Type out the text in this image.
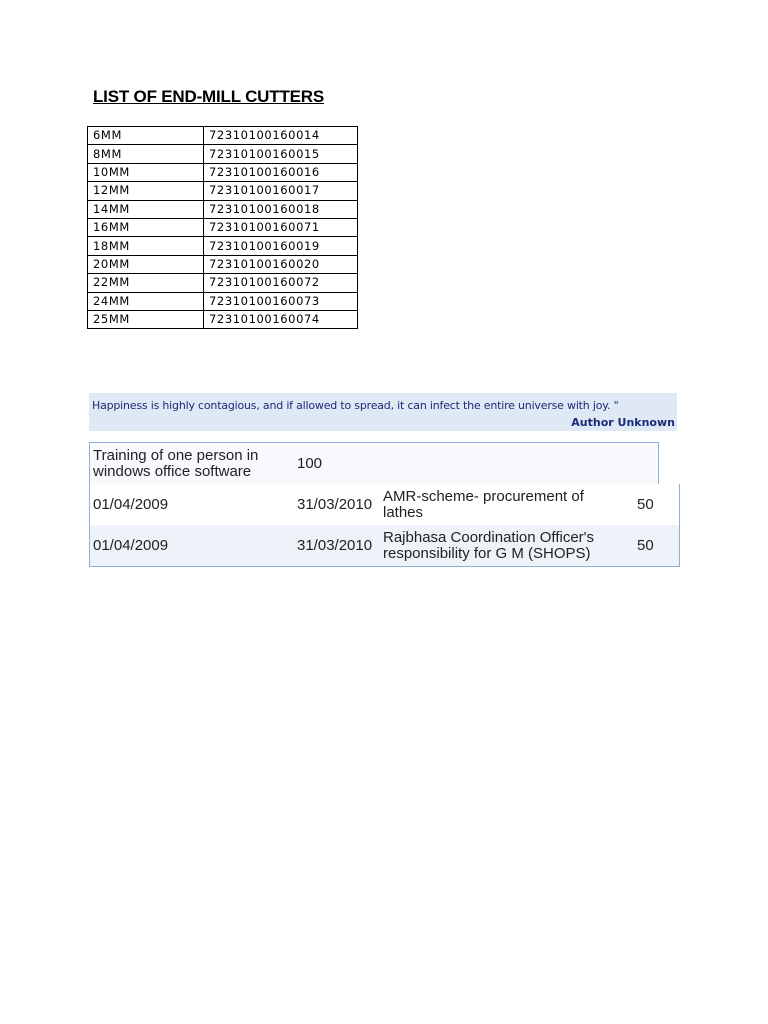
LIST OF END-MILL CUTTERS
6MM	72310100160014
8MM	72310100160015
10MM	72310100160016
12MM	72310100160017
14MM	72310100160018
16MM	72310100160071
18MM	72310100160019
20MM	72310100160020
22MM	72310100160072
24MM	72310100160073
25MM	72310100160074
Happiness is highly contagious, and if allowed to spread, it can infect the entire universe with joy. "
Author Unknown
Training of one person in windows office software	100
01/04/2009	31/03/2010 AMR-scheme- procurement of lathes	50
01/04/2009	31/03/2010 Rajbhasa Coordination Officer's responsibility for G M (SHOPS)	50
